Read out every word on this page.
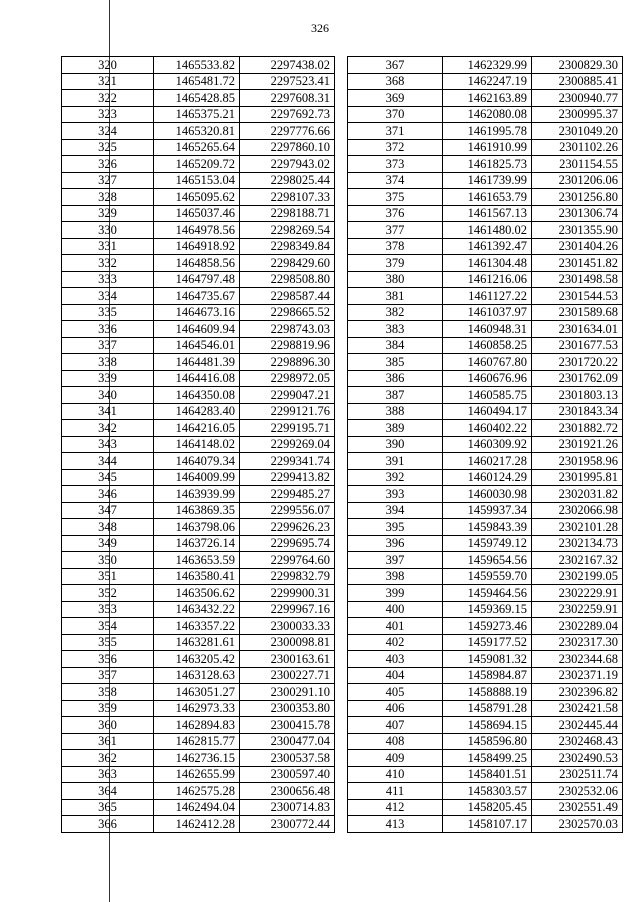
326
320	1465533.82	2297438.02
321	1465481.72	2297523.41
322	1465428.85	2297608.31
323	1465375.21	2297692.73
324	1465320.81	2297776.66
325	1465265.64	2297860.10
326	1465209.72	2297943.02
327	1465153.04	2298025.44
328	1465095.62	2298107.33
329	1465037.46	2298188.71
330	1464978.56	2298269.54
331	1464918.92	2298349.84
332	1464858.56	2298429.60
333	1464797.48	2298508.80
334	1464735.67	2298587.44
335	1464673.16	2298665.52
336	1464609.94	2298743.03
337	1464546.01	2298819.96
338	1464481.39	2298896.30
339	1464416.08	2298972.05
340	1464350.08	2299047.21
341	1464283.40	2299121.76
342	1464216.05	2299195.71
343	1464148.02	2299269.04
344	1464079.34	2299341.74
345	1464009.99	2299413.82
346	1463939.99	2299485.27
347	1463869.35	2299556.07
348	1463798.06	2299626.23
349	1463726.14	2299695.74
350	1463653.59	2299764.60
351	1463580.41	2299832.79
352	1463506.62	2299900.31
353	1463432.22	2299967.16
354	1463357.22	2300033.33
355	1463281.61	2300098.81
356	1463205.42	2300163.61
357	1463128.63	2300227.71
358	1463051.27	2300291.10
359	1462973.33	2300353.80
360	1462894.83	2300415.78
361	1462815.77	2300477.04
362	1462736.15	2300537.58
363	1462655.99	2300597.40
364	1462575.28	2300656.48
365	1462494.04	2300714.83
366	1462412.28	2300772.44
367	1462329.99	2300829.30
368	1462247.19	2300885.41
369	1462163.89	2300940.77
370	1462080.08	2300995.37
371	1461995.78	2301049.20
372	1461910.99	2301102.26
373	1461825.73	2301154.55
374	1461739.99	2301206.06
375	1461653.79	2301256.80
376	1461567.13	2301306.74
377	1461480.02	2301355.90
378	1461392.47	2301404.26
379	1461304.48	2301451.82
380	1461216.06	2301498.58
381	1461127.22	2301544.53
382	1461037.97	2301589.68
383	1460948.31	2301634.01
384	1460858.25	2301677.53
385	1460767.80	2301720.22
386	1460676.96	2301762.09
387	1460585.75	2301803.13
388	1460494.17	2301843.34
389	1460402.22	2301882.72
390	1460309.92	2301921.26
391	1460217.28	2301958.96
392	1460124.29	2301995.81
393	1460030.98	2302031.82
394	1459937.34	2302066.98
395	1459843.39	2302101.28
396	1459749.12	2302134.73
397	1459654.56	2302167.32
398	1459559.70	2302199.05
399	1459464.56	2302229.91
400	1459369.15	2302259.91
401	1459273.46	2302289.04
402	1459177.52	2302317.30
403	1459081.32	2302344.68
404	1458984.87	2302371.19
405	1458888.19	2302396.82
406	1458791.28	2302421.58
407	1458694.15	2302445.44
408	1458596.80	2302468.43
409	1458499.25	2302490.53
410	1458401.51	2302511.74
411	1458303.57	2302532.06
412	1458205.45	2302551.49
413	1458107.17	2302570.03
